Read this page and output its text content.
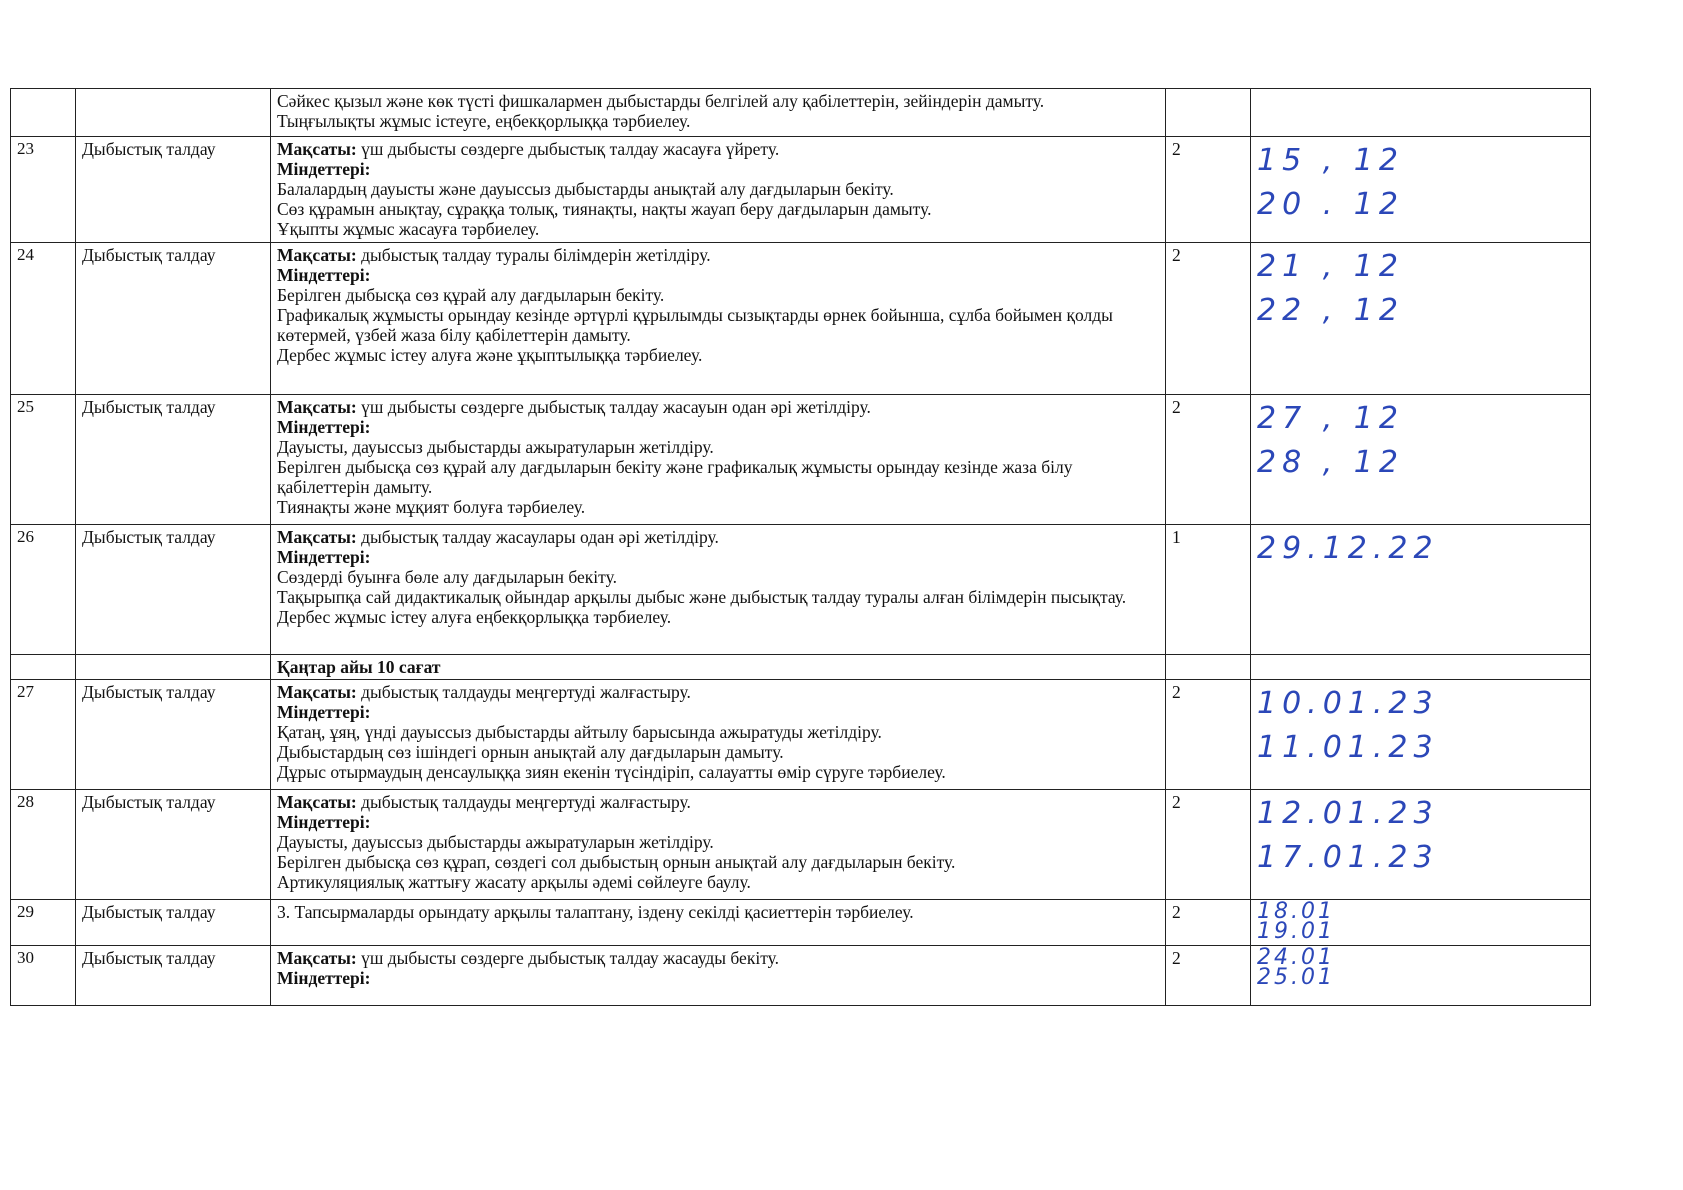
		Сәйкес қызыл және көк түсті фишкалармен дыбыстарды белгілей алу қабілеттерін, зейіндерін дамыту.
Тыңғылықты жұмыс істеуге, еңбекқорлыққа тәрбиелеу.		

23	Дыбыстық талдау	Мақсаты: үш дыбысты сөздерге дыбыстық талдау жасауға үйрету.
Міндеттері:
Балалардың дауысты және дауыссыз дыбыстарды анықтай алу дағдыларын бекіту.
Сөз құрамын анықтау, сұраққа толық, тиянақты, нақты жауап беру дағдыларын дамыту.
Ұқыпты жұмыс жасауға тәрбиелеу.	2	15 , 12
20 . 12

24	Дыбыстық талдау	Мақсаты: дыбыстық талдау туралы білімдерін жетілдіру.
Міндеттері:
Берілген дыбысқа сөз құрай алу дағдыларын бекіту.
Графикалық жұмысты орындау кезінде әртүрлі құрылымды сызықтарды өрнек бойынша, сұлба бойымен қолды көтермей, үзбей жаза білу қабілеттерін дамыту.
Дербес жұмыс істеу алуға және ұқыптылыққа тәрбиелеу.	2	21 , 12
22 , 12

25	Дыбыстық талдау	Мақсаты: үш дыбысты сөздерге дыбыстық талдау жасауын одан әрі жетілдіру.
Міндеттері:
Дауысты, дауыссыз дыбыстарды ажыратуларын жетілдіру.
Берілген дыбысқа сөз құрай алу дағдыларын бекіту және графикалық жұмысты орындау кезінде жаза білу қабілеттерін дамыту.
Тиянақты және мұқият болуға тәрбиелеу.	2	27 , 12
28 , 12

26	Дыбыстық талдау	Мақсаты: дыбыстық талдау жасаулары одан әрі жетілдіру.
Міндеттері:
Сөздерді буынға бөле алу дағдыларын бекіту.
Тақырыпқа сай дидактикалық ойындар арқылы дыбыс және дыбыстық талдау туралы алған білімдерін пысықтау.
Дербес жұмыс істеу алуға еңбекқорлыққа тәрбиелеу.	1	29.12.22

		Қаңтар айы 10 сағат		
27	Дыбыстық талдау	Мақсаты: дыбыстық талдауды меңгертуді жалғастыру.
Міндеттері:
Қатаң, ұяң, үнді дауыссыз дыбыстарды айтылу барысында ажыратуды жетілдіру.
Дыбыстардың сөз ішіндегі орнын анықтай алу дағдыларын дамыту.
Дұрыс отырмаудың денсаулыққа зиян екенін түсіндіріп, салауатты өмір сүруге тәрбиелеу.	2	10.01.23
11.01.23

28	Дыбыстық талдау	Мақсаты: дыбыстық талдауды меңгертуді жалғастыру.
Міндеттері:
Дауысты, дауыссыз дыбыстарды ажыратуларын жетілдіру.
Берілген дыбысқа сөз құрап, сөздегі сол дыбыстың орнын анықтай алу дағдыларын бекіту.
Артикуляциялық жаттығу жасату арқылы әдемі сөйлеуге баулу.	2	12.01.23
17.01.23

29	Дыбыстық талдау	3. Тапсырмаларды орындату арқылы талаптану, іздену секілді қасиеттерін тәрбиелеу.	2	18.01
19.01

30	Дыбыстық талдау	Мақсаты: үш дыбысты сөздерге дыбыстық талдау жасауды бекіту.
Міндеттері:	2	24.01
25.01
